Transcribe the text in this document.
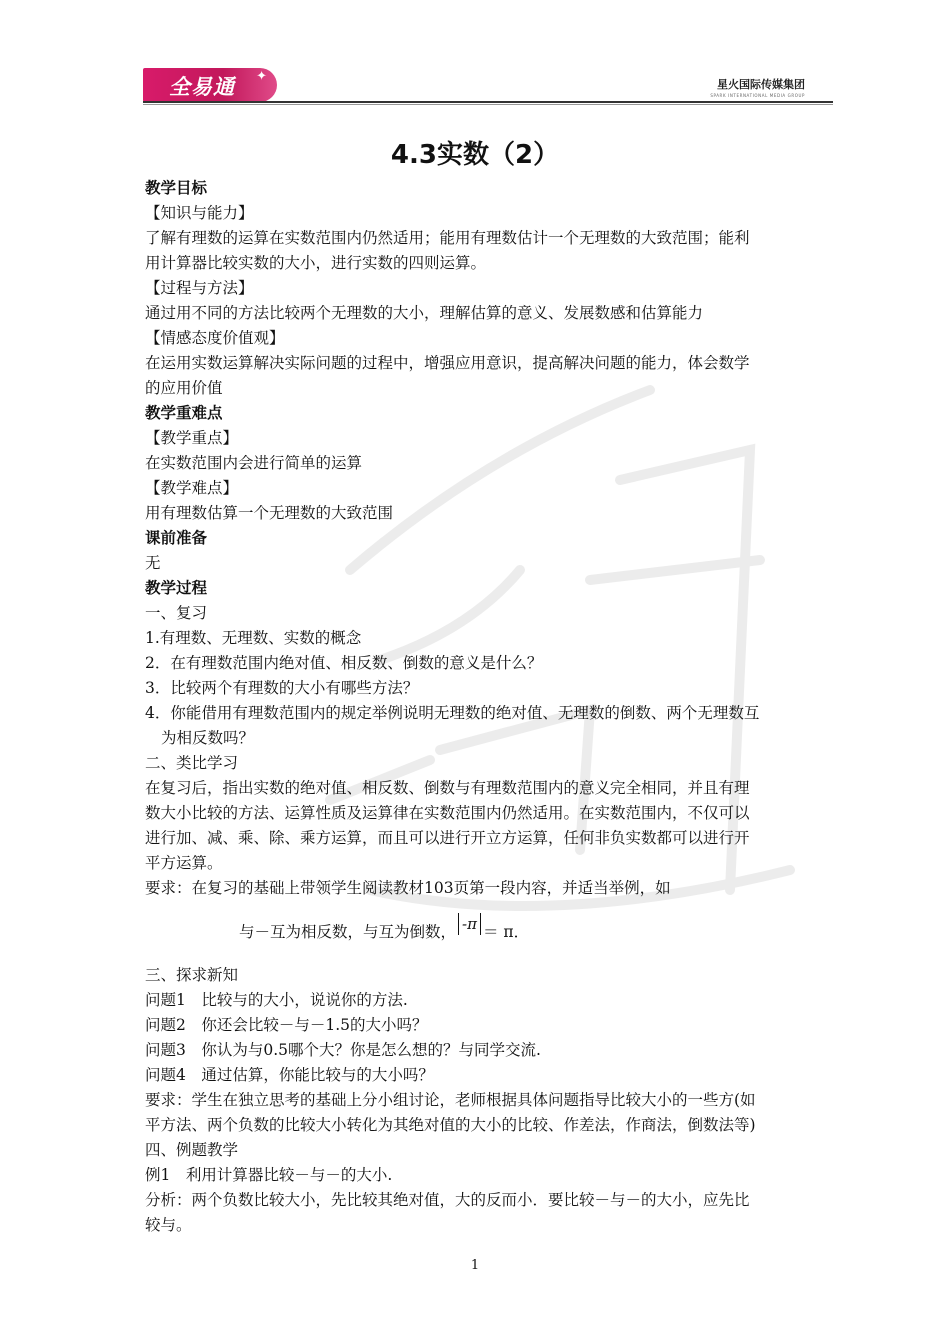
全易通 ✦
星火国际传媒集团
SPARK INTERNATIONAL MEDIA GROUP
4.3实数（2）
教学目标
【知识与能力】
了解有理数的运算在实数范围内仍然适用；能用有理数估计一个无理数的大致范围；能利
用计算器比较实数的大小，进行实数的四则运算。
【过程与方法】
通过用不同的方法比较两个无理数的大小，理解估算的意义、发展数感和估算能力
【情感态度价值观】
在运用实数运算解决实际问题的过程中，增强应用意识，提高解决问题的能力，体会数学
的应用价值
教学重难点
【教学重点】
在实数范围内会进行简单的运算
【教学难点】
用有理数估算一个无理数的大致范围
课前准备
无
教学过程
一、复习
1.有理数、无理数、实数的概念
2．在有理数范围内绝对值、相反数、倒数的意义是什么？
3．比较两个有理数的大小有哪些方法？
4．你能借用有理数范围内的规定举例说明无理数的绝对值、无理数的倒数、两个无理数互
为相反数吗？
二、类比学习
在复习后，指出实数的绝对值、相反数、倒数与有理数范围内的意义完全相同，并且有理
数大小比较的方法、运算性质及运算律在实数范围内仍然适用。在实数范围内，不仅可以
进行加、减、乘、除、乘方运算，而且可以进行开立方运算，任何非负实数都可以进行开
平方运算。
要求：在复习的基础上带领学生阅读教材103页第一段内容，并适当举例，如
与－互为相反数，与互为倒数， -π ＝ π．
三、探求新知
问题1　比较与的大小，说说你的方法.
问题2　你还会比较－与－1.5的大小吗？
问题3　你认为与0.5哪个大？你是怎么想的？与同学交流.
问题4　通过估算，你能比较与的大小吗？
要求：学生在独立思考的基础上分小组讨论，老师根据具体问题指导比较大小的一些方(如
平方法、两个负数的比较大小转化为其绝对值的大小的比较、作差法，作商法，倒数法等)
四、例题教学
例1　利用计算器比较－与－的大小.
分析：两个负数比较大小，先比较其绝对值，大的反而小．要比较－与－的大小，应先比
较与。
1
